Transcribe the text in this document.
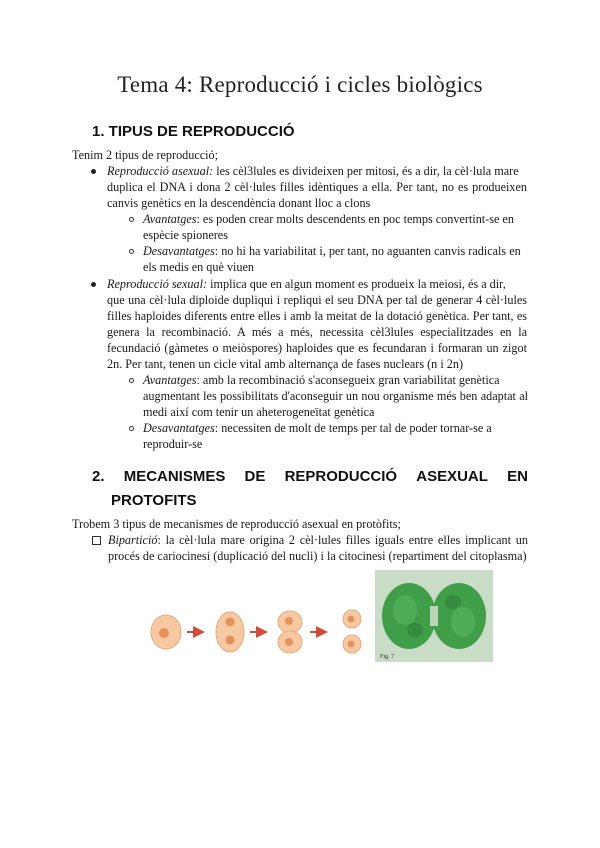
Tema 4: Reproducció i cicles biològics
1. TIPUS DE REPRODUCCIÓ
Tenim 2 tipus de reproducció;
Reproducció asexual: les cèl3lules es divideixen per mitosi, és a dir, la cèl·lula mare
duplica el DNA i dona 2 cèl·lules filles idèntiques a ella. Per tant, no es produeixen
canvis genètics en la descendència donant lloc a clons
Avantatges: es poden crear molts descendents en poc temps convertint-se en
espècie spioneres
Desavantatges: no hi ha variabilitat i, per tant, no aguanten canvis radicals en
els medis en què viuen
Reproducció sexual: implica que en algun moment es produeix la meiosi, és a dir,
que una cèl·lula diploide dupliqui i repliqui el seu DNA per tal de generar 4 cèl·lules
filles haploides diferents entre elles i amb la meitat de la dotació genètica. Per tant, es
genera la recombinació. A més a més, necessita cèl3lules especialitzades en la
fecundació (gàmetes o meiòspores) haploides que es fecundaran i formaran un zigot
2n. Per tant, tenen un cicle vital amb alternança de fases nuclears (n i 2n)
Avantatges: amb la recombinació s'aconsegueix gran variabilitat genètica
augmentant les possibilitats d'aconseguir un nou organisme més ben adaptat al
medi així com tenir un aheterogeneïtat genètica
Desavantatges: necessiten de molt de temps per tal de poder tornar-se a
reproduir-se
2. MECANISMES DE REPRODUCCIÓ ASEXUAL EN
PROTOFITS
Trobem 3 tipus de mecanismes de reproducció asexual en protòfits;
Bipartició: la cèl·lula mare origina 2 cèl·lules filles iguals entre elles implicant un
procés de cariocinesi (duplicació del nucli) i la citocinesi (repartiment del citoplasma)
Fig. 7
